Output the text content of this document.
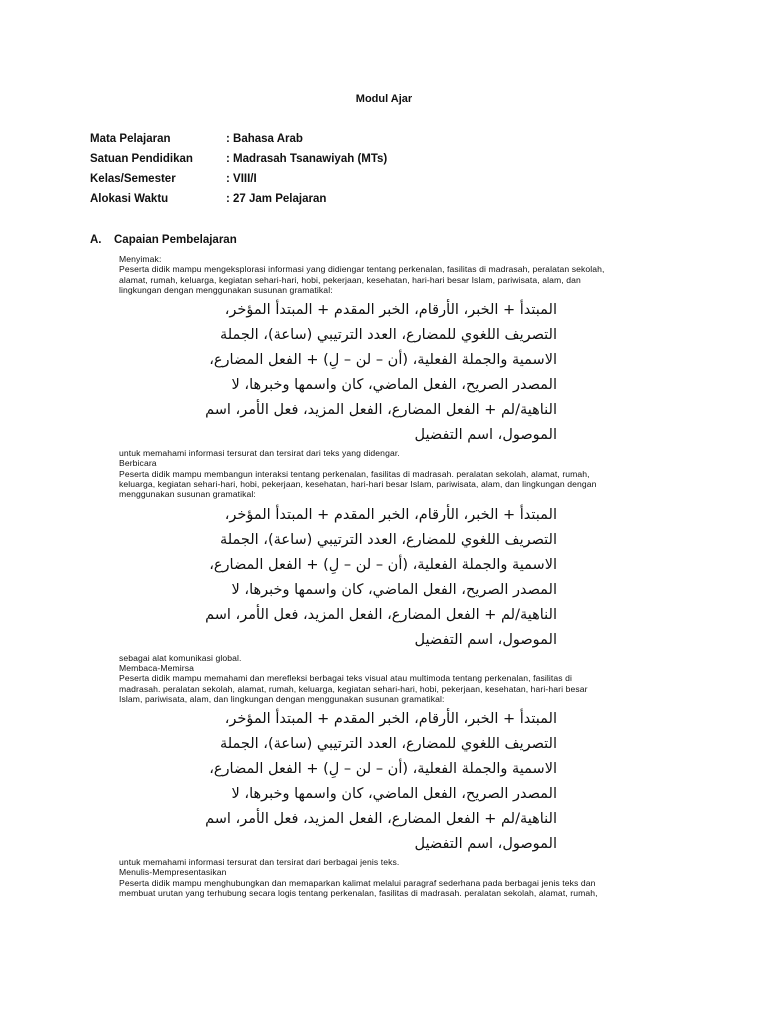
Modul Ajar
Mata Pelajaran	: Bahasa Arab
Satuan Pendidikan	: Madrasah Tsanawiyah (MTs)
Kelas/Semester	: VIII/I
Alokasi Waktu	: 27 Jam Pelajaran
A. Capaian Pembelajaran

Menyimak:

Peserta didik mampu mengeksplorasi informasi yang didiengar tentang perkenalan, fasilitas di madrasah, peralatan sekolah,

alamat, rumah, keluarga, kegiatan sehari-hari, hobi, pekerjaan, kesehatan, hari-hari besar Islam, pariwisata, alam, dan

lingkungan dengan menggunakan susunan gramatikal:

المبتدأ + الخبر، الأرقام، الخبر المقدم + المبتدأ المؤخر،
التصريف اللغوي للمضارع، العدد الترتيبي (ساعة)، الجملة
الاسمية والجملة الفعلية، (أن – لن – لِ) + الفعل المضارع،
المصدر الصريح، الفعل الماضي، كان واسمها وخبرها، لا
الناهية/لم + الفعل المضارع، الفعل المزيد، فعل الأمر، اسم
الموصول، اسم التفضيل

untuk memahami informasi tersurat dan tersirat dari teks yang didengar.

Berbicara

Peserta didik mampu membangun interaksi tentang perkenalan, fasilitas di madrasah. peralatan sekolah, alamat, rumah,

keluarga, kegiatan sehari-hari, hobi, pekerjaan, kesehatan, hari-hari besar Islam, pariwisata, alam, dan lingkungan dengan

menggunakan susunan gramatikal:

المبتدأ + الخبر، الأرقام، الخبر المقدم + المبتدأ المؤخر،
التصريف اللغوي للمضارع، العدد الترتيبي (ساعة)، الجملة
الاسمية والجملة الفعلية، (أن – لن – لِ) + الفعل المضارع،
المصدر الصريح، الفعل الماضي، كان واسمها وخبرها، لا
الناهية/لم + الفعل المضارع، الفعل المزيد، فعل الأمر، اسم
الموصول، اسم التفضيل

sebagai alat komunikasi global.

Membaca-Memirsa

Peserta didik mampu memahami dan merefleksi berbagai teks visual atau multimoda tentang perkenalan, fasilitas di

madrasah. peralatan sekolah, alamat, rumah, keluarga, kegiatan sehari-hari, hobi, pekerjaan, kesehatan, hari-hari besar

Islam, pariwisata, alam, dan lingkungan dengan menggunakan susunan gramatikal:

المبتدأ + الخبر، الأرقام، الخبر المقدم + المبتدأ المؤخر،
التصريف اللغوي للمضارع، العدد الترتيبي (ساعة)، الجملة
الاسمية والجملة الفعلية، (أن – لن – لِ) + الفعل المضارع،
المصدر الصريح، الفعل الماضي، كان واسمها وخبرها، لا
الناهية/لم + الفعل المضارع، الفعل المزيد، فعل الأمر، اسم
الموصول، اسم التفضيل

untuk memahami informasi tersurat dan tersirat dari berbagai jenis teks.

Menulis-Mempresentasikan

Peserta didik mampu menghubungkan dan memaparkan kalimat melalui paragraf sederhana pada berbagai jenis teks dan

membuat urutan yang terhubung secara logis tentang perkenalan, fasilitas di madrasah. peralatan sekolah, alamat, rumah,
